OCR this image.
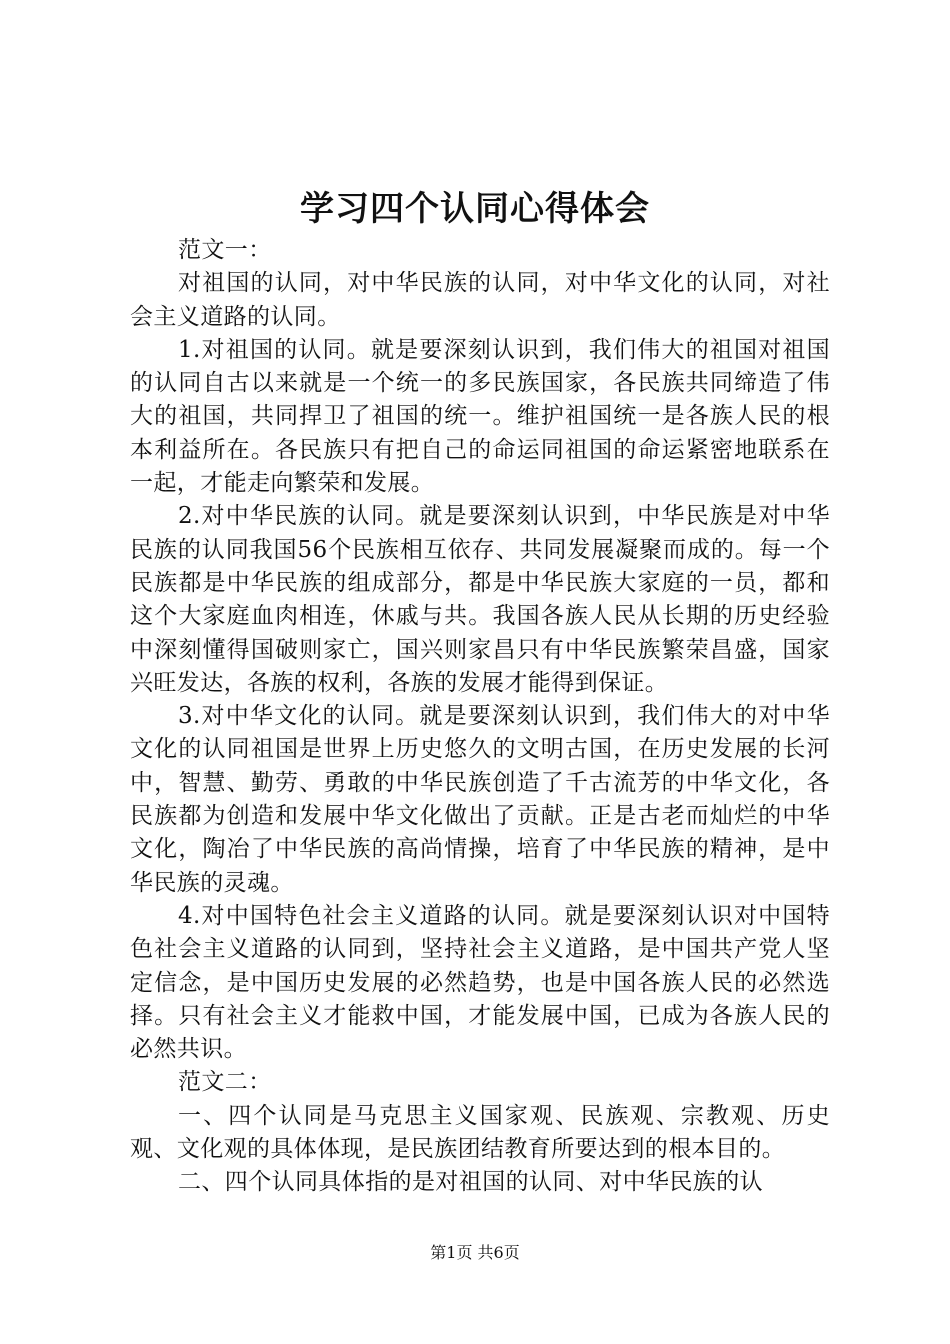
学习四个认同心得体会

范文一：

对祖国的认同，对中华民族的认同，对中华文化的认同，对社会主义道路的认同。

1.对祖国的认同。就是要深刻认识到，我们伟大的祖国对祖国的认同自古以来就是一个统一的多民族国家，各民族共同缔造了伟大的祖国，共同捍卫了祖国的统一。维护祖国统一是各族人民的根本利益所在。各民族只有把自己的命运同祖国的命运紧密地联系在一起，才能走向繁荣和发展。

2.对中华民族的认同。就是要深刻认识到，中华民族是对中华民族的认同我国56个民族相互依存、共同发展凝聚而成的。每一个民族都是中华民族的组成部分，都是中华民族大家庭的一员，都和这个大家庭血肉相连，休戚与共。我国各族人民从长期的历史经验中深刻懂得国破则家亡，国兴则家昌只有中华民族繁荣昌盛，国家兴旺发达，各族的权利，各族的发展才能得到保证。

3.对中华文化的认同。就是要深刻认识到，我们伟大的对中华文化的认同祖国是世界上历史悠久的文明古国，在历史发展的长河中，智慧、勤劳、勇敢的中华民族创造了千古流芳的中华文化，各民族都为创造和发展中华文化做出了贡献。正是古老而灿烂的中华文化，陶冶了中华民族的高尚情操，培育了中华民族的精神，是中华民族的灵魂。

4.对中国特色社会主义道路的认同。就是要深刻认识对中国特色社会主义道路的认同到，坚持社会主义道路，是中国共产党人坚定信念，是中国历史发展的必然趋势，也是中国各族人民的必然选择。只有社会主义才能救中国，才能发展中国，已成为各族人民的必然共识。

范文二：

一、四个认同是马克思主义国家观、民族观、宗教观、历史观、文化观的具体体现，是民族团结教育所要达到的根本目的。

二、四个认同具体指的是对祖国的认同、对中华民族的认

第1页 共6页
